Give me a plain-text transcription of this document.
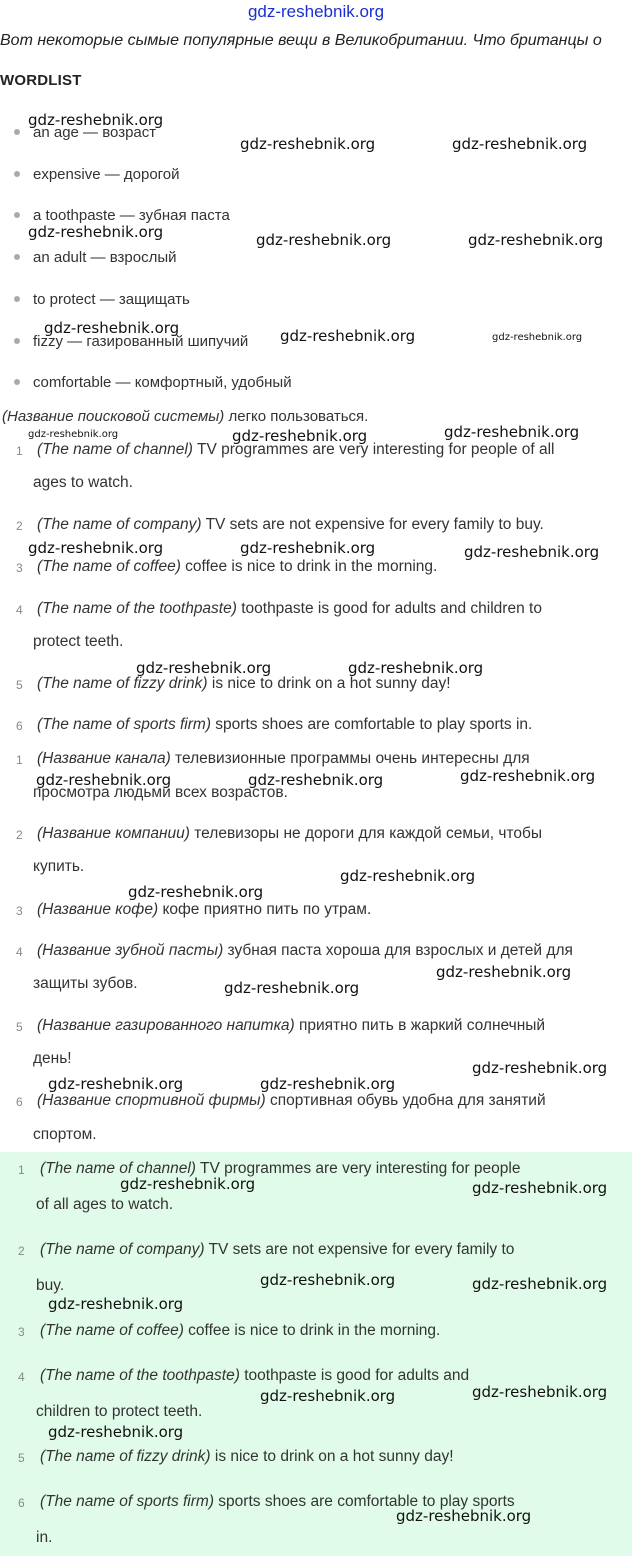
gdz-reshebnik.org
Вот некоторые сымые популярные вещи в Великобритании. Что британцы о
WORDLIST
an age — возраст
expensive — дорогой
a toothpaste — зубная паста
an adult — взрослый
to protect — защищать
fizzy — газированный шипучий
comfortable — комфортный, удобный
(Название поисковой системы) легко пользоваться.
1 (The name of channel) TV programmes are very interesting for people of all
ages to watch.
2 (The name of company) TV sets are not expensive for every family to buy.
3 (The name of coffee) coffee is nice to drink in the morning.
4 (The name of the toothpaste) toothpaste is good for adults and children to
protect teeth.
5 (The name of fizzy drink) is nice to drink on a hot sunny day!
6 (The name of sports firm) sports shoes are comfortable to play sports in.
1 (Название канала) телевизионные программы очень интересны для
просмотра людьми всех возрастов.
2 (Название компании) телевизоры не дороги для каждой семьи, чтобы
купить.
3 (Название кофе) кофе приятно пить по утрам.
4 (Название зубной пасты) зубная паста хороша для взрослых и детей для
защиты зубов.
5 (Название газированного напитка) приятно пить в жаркий солнечный
день!
6 (Название спортивной фирмы) спортивная обувь удобна для занятий
спортом.
1 (The name of channel) TV programmes are very interesting for people
of all ages to watch.
2 (The name of company) TV sets are not expensive for every family to
buy.
3 (The name of coffee) coffee is nice to drink in the morning.
4 (The name of the toothpaste) toothpaste is good for adults and
children to protect teeth.
5 (The name of fizzy drink) is nice to drink on a hot sunny day!
6 (The name of sports firm) sports shoes are comfortable to play sports
in.
gdz-reshebnik.org
gdz-reshebnik.org	gdz-reshebnik.org
gdz-reshebnik.org	gdz-reshebnik.org	gdz-reshebnik.org
gdz-reshebnik.org	gdz-reshebnik.org	gdz-reshebnik.org
gdz-reshebnik.org	gdz-reshebnik.org	gdz-reshebnik.org
gdz-reshebnik.org	gdz-reshebnik.org	gdz-reshebnik.org
gdz-reshebnik.org	gdz-reshebnik.org
gdz-reshebnik.org	gdz-reshebnik.org	gdz-reshebnik.org
gdz-reshebnik.org
gdz-reshebnik.org
gdz-reshebnik.org
gdz-reshebnik.org
gdz-reshebnik.org
gdz-reshebnik.org	gdz-reshebnik.org
gdz-reshebnik.org	gdz-reshebnik.org
gdz-reshebnik.org	gdz-reshebnik.org
gdz-reshebnik.org
gdz-reshebnik.org	gdz-reshebnik.org
gdz-reshebnik.org
gdz-reshebnik.org
